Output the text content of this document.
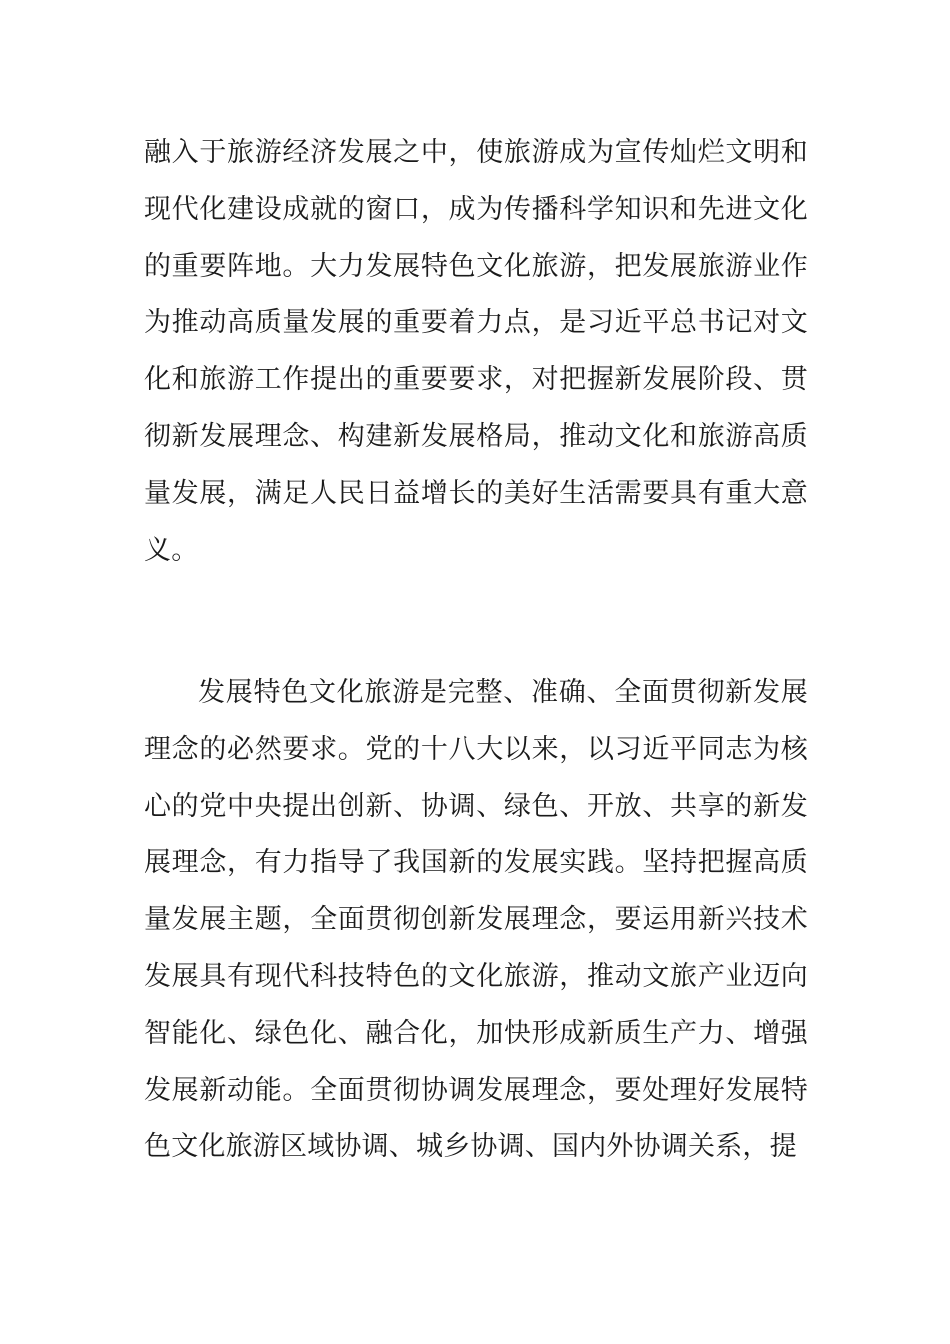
融入于旅游经济发展之中，使旅游成为宣传灿烂文明和现代化建设成就的窗口，成为传播科学知识和先进文化的重要阵地。大力发展特色文化旅游，把发展旅游业作为推动高质量发展的重要着力点，是习近平总书记对文化和旅游工作提出的重要要求，对把握新发展阶段、贯彻新发展理念、构建新发展格局，推动文化和旅游高质量发展，满足人民日益增长的美好生活需要具有重大意义。

发展特色文化旅游是完整、准确、全面贯彻新发展理念的必然要求。党的十八大以来，以习近平同志为核心的党中央提出创新、协调、绿色、开放、共享的新发展理念，有力指导了我国新的发展实践。坚持把握高质量发展主题，全面贯彻创新发展理念，要运用新兴技术发展具有现代科技特色的文化旅游，推动文旅产业迈向智能化、绿色化、融合化，加快形成新质生产力、增强发展新动能。全面贯彻协调发展理念，要处理好发展特色文化旅游区域协调、城乡协调、国内外协调关系，提
